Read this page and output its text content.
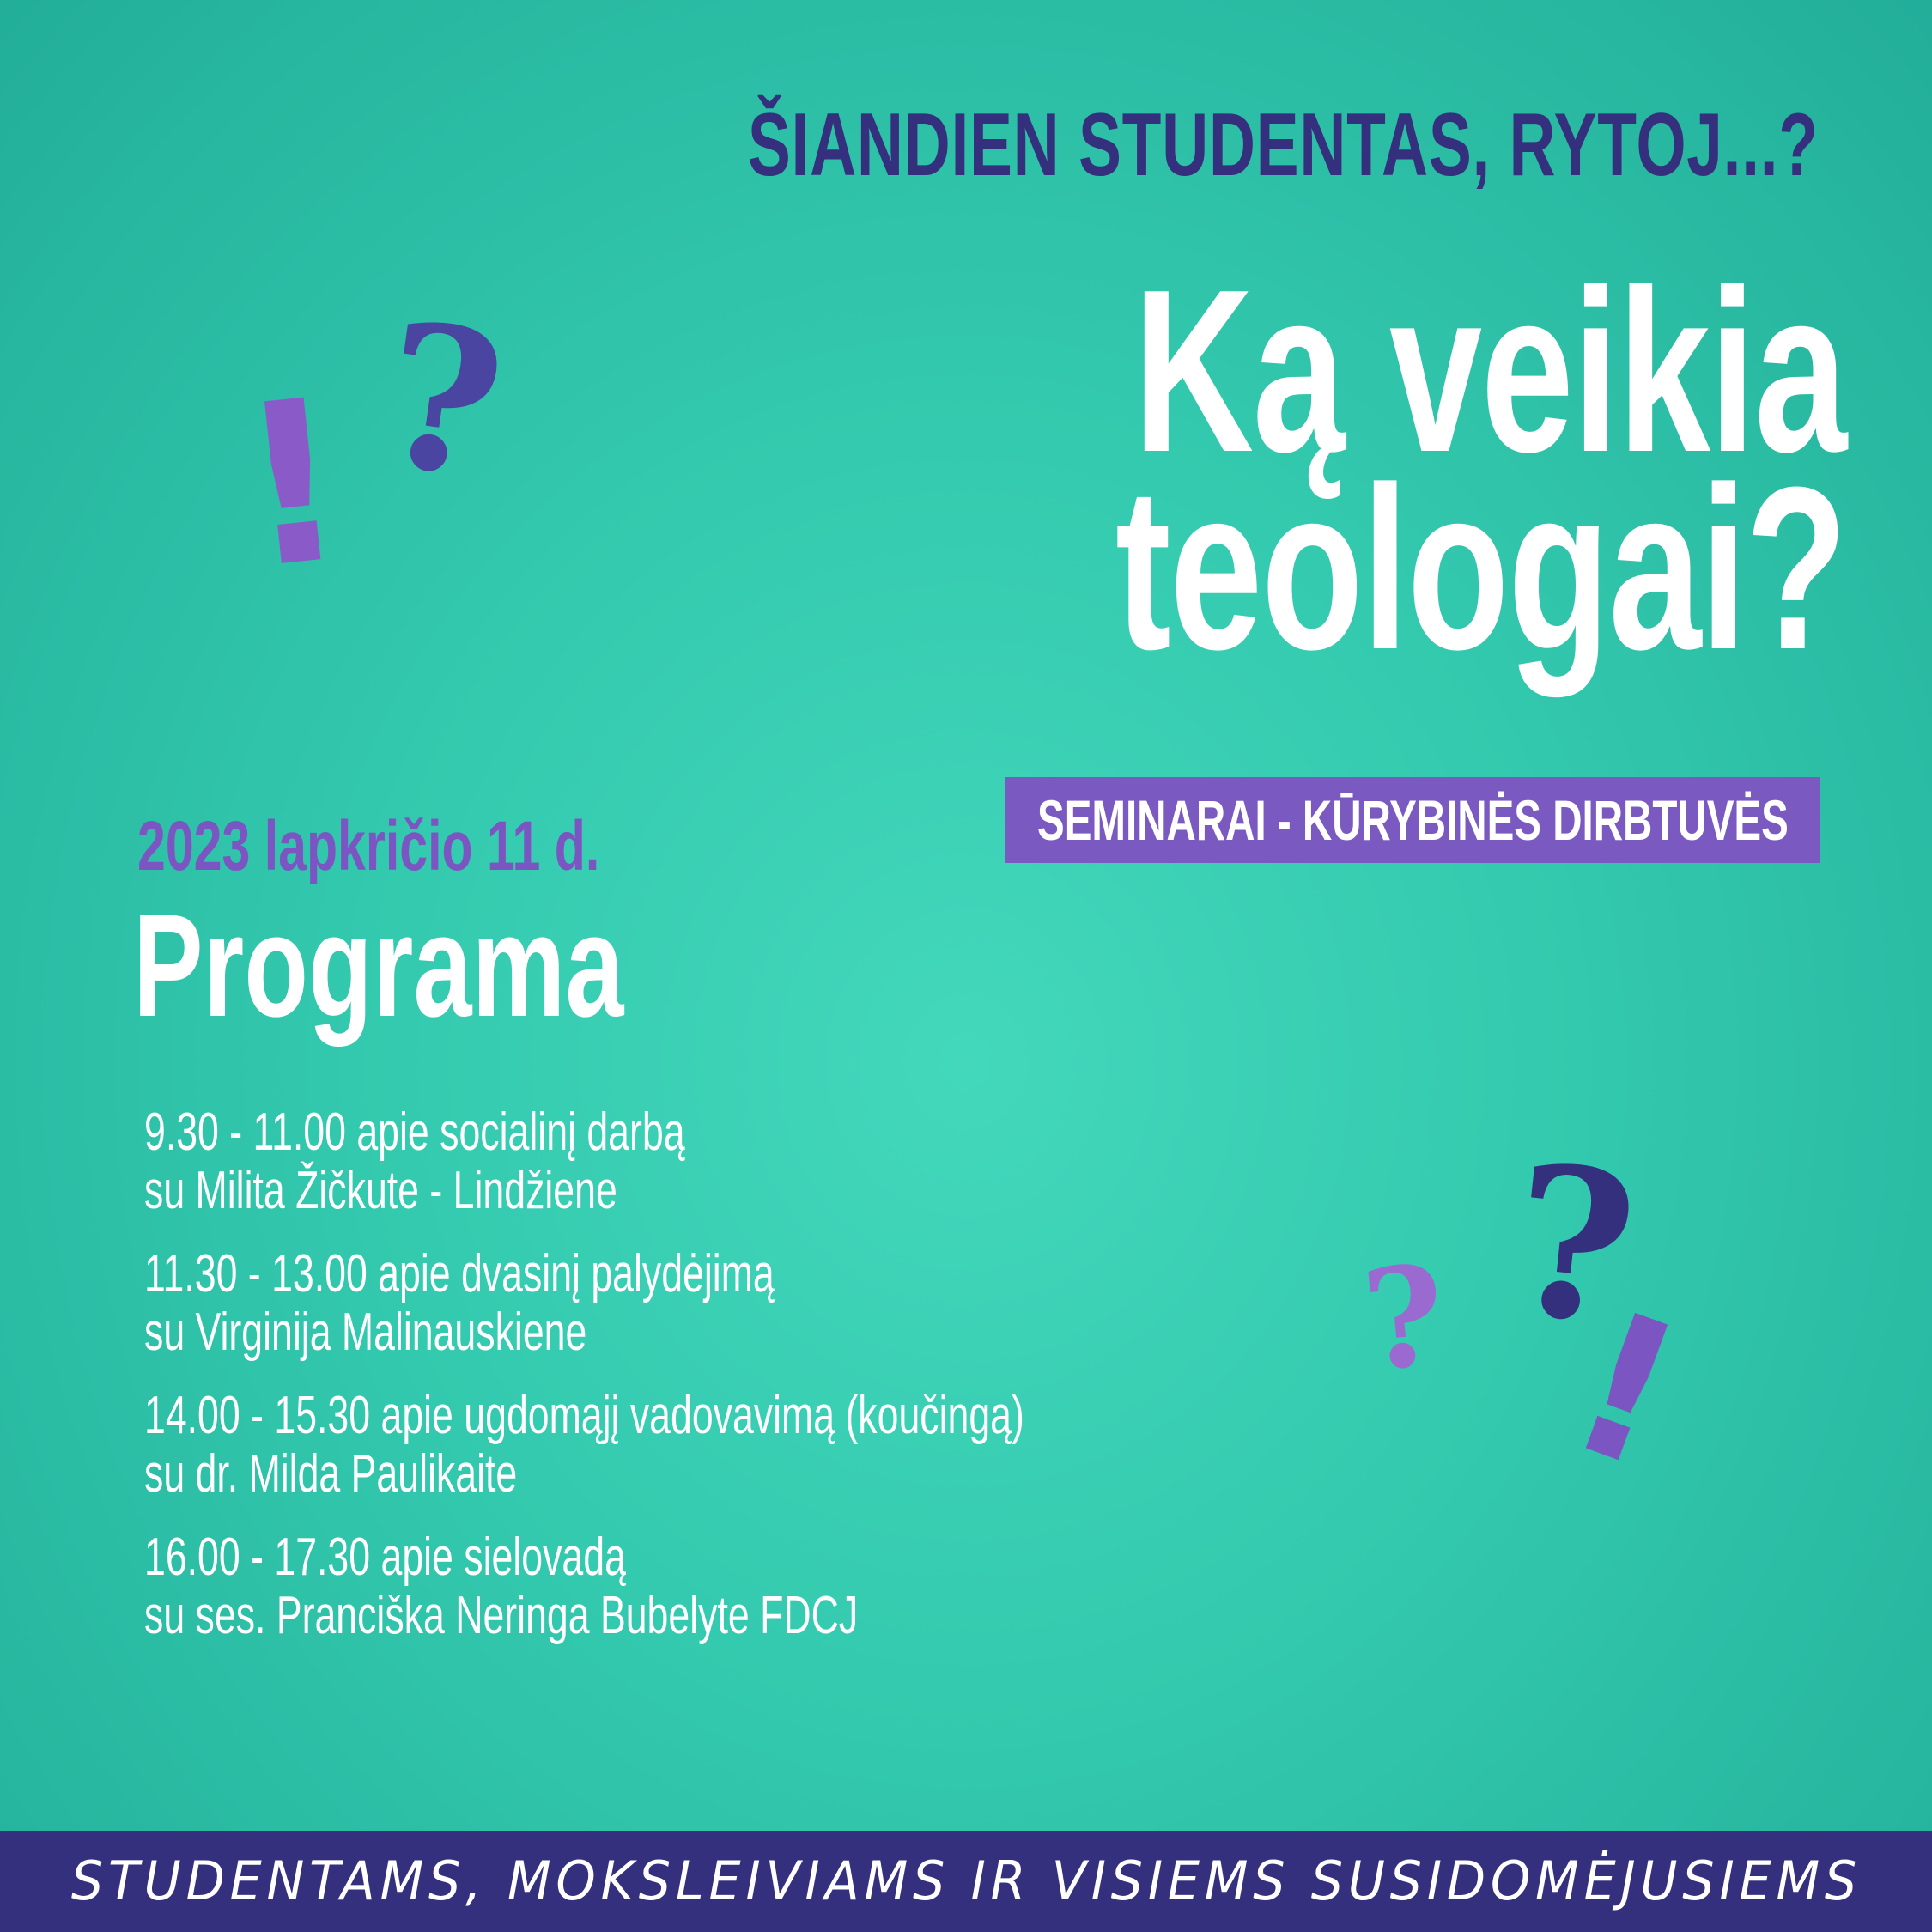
! ?
?
? !
ŠIANDIEN STUDENTAS, RYTOJ...?
Ką veikia
teologai?
SEMINARAI - KŪRYBINĖS DIRBTUVĖS
2023 lapkričio 11 d.
Programa
9.30 - 11.00 apie socialinį darbą
su Milita Žičkute - Lindžiene
11.30 - 13.00 apie dvasinį palydėjimą
su Virginija Malinauskiene
14.00 - 15.30 apie ugdomąjį vadovavimą (koučingą)
su dr. Milda Paulikaite
16.00 - 17.30 apie sielovadą
su ses. Pranciška Neringa Bubelyte FDCJ
STUDENTAMS, MOKSLEIVIAMS IR VISIEMS SUSIDOMĖJUSIEMS
